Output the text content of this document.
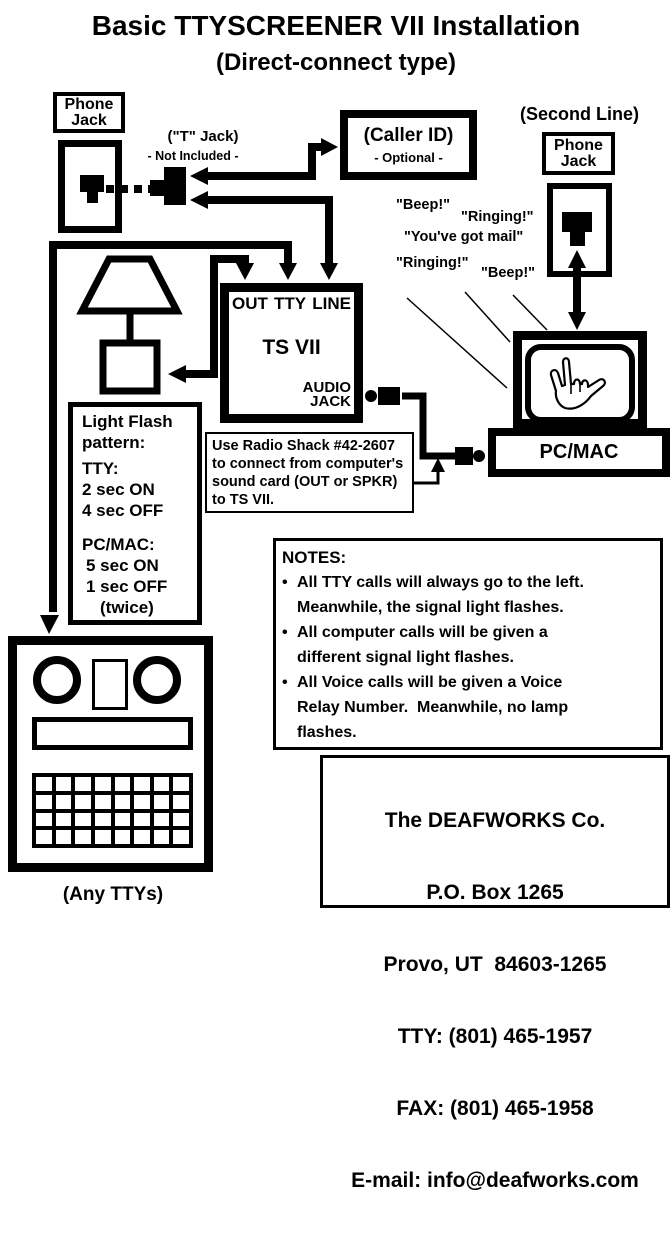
Basic TTYSCREENER VII Installation
(Direct-connect type)
Phone
Jack
("T" Jack)
- Not Included -
(Caller ID)
- Optional -
(Second Line)
Phone
Jack
"Beep!"
"Ringing!"
"You've got mail"
"Ringing!"
"Beep!"
OUT TTY LINE
TS VII
AUDIO
JACK
PC/MAC
Light Flash
pattern:
TTY:
2 sec ON
4 sec OFF
PC/MAC:
5 sec ON
1 sec OFF
(twice)
Use Radio Shack #42-2607
to connect from computer's
sound card (OUT or SPKR)
to TS VII.
NOTES:
• All TTY calls will always go to the left.
Meanwhile, the signal light flashes.
• All computer calls will be given a
different signal light flashes.
• All Voice calls will be given a Voice
Relay Number.  Meanwhile, no lamp
flashes.
(Any TTYs)

The DEAFWORKS Co.

P.O. Box 1265

Provo, UT  84603-1265

TTY: (801) 465-1957

FAX: (801) 465-1958

E-mail: info@deafworks.com
